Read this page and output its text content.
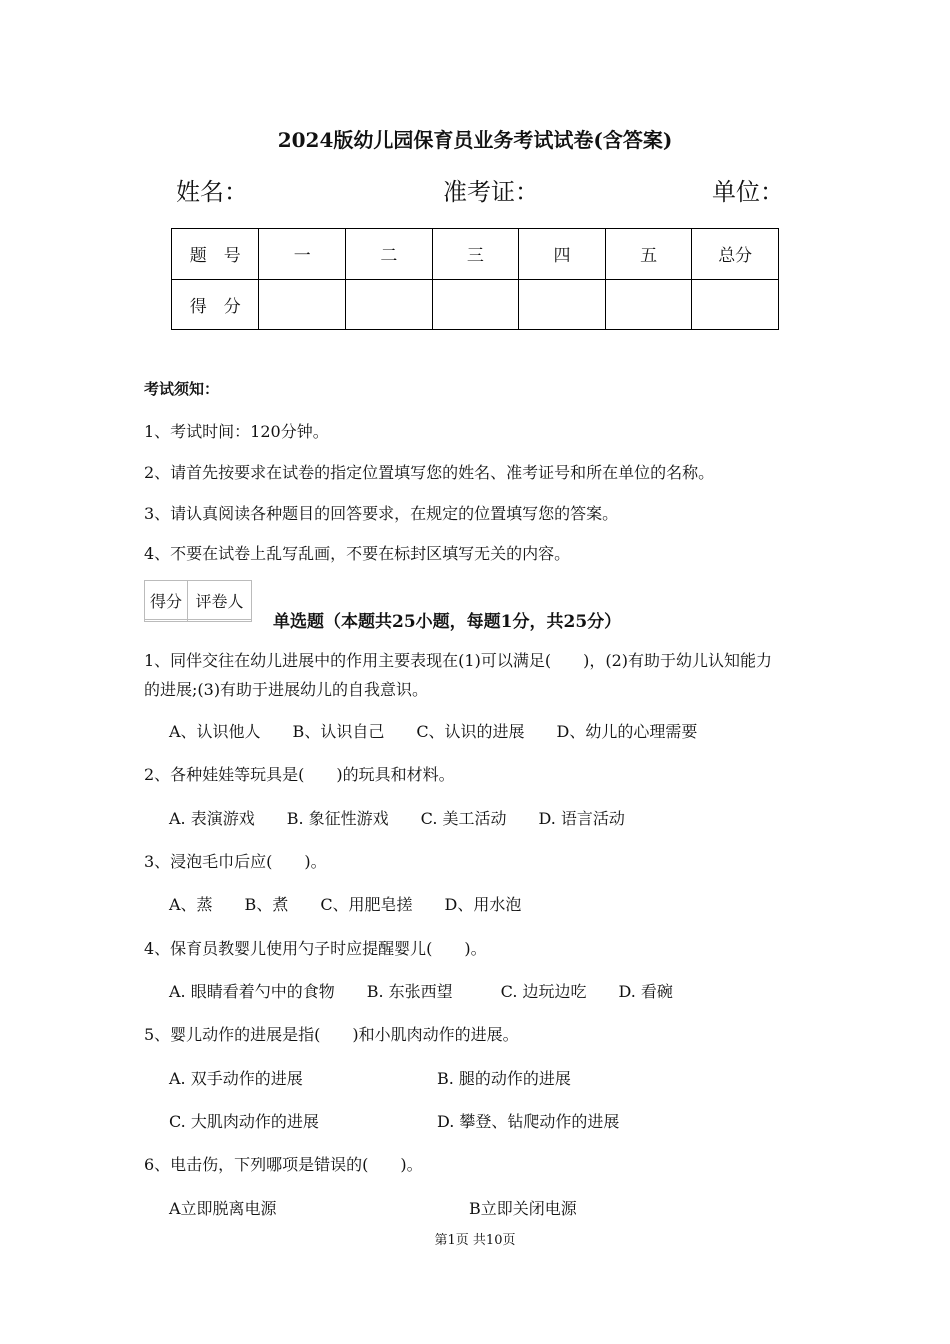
2024版幼儿园保育员业务考试试卷(含答案)
姓名：	准考证：	单位：
题　号	一	二	三	四	五	总分
得　分						
考试须知：
1、考试时间：120分钟。
2、请首先按要求在试卷的指定位置填写您的姓名、准考证号和所在单位的名称。
3、请认真阅读各种题目的回答要求，在规定的位置填写您的答案。
4、不要在试卷上乱写乱画，不要在标封区填写无关的内容。
得分	评卷人

单选题（本题共25小题，每题1分，共25分）
1、同伴交往在幼儿进展中的作用主要表现在(1)可以满足(　　)，(2)有助于幼儿认知能力
的进展;(3)有助于进展幼儿的自我意识。
A、认识他人　　B、认识自己　　C、认识的进展　　D、幼儿的心理需要
2、各种娃娃等玩具是(　　)的玩具和材料。
A. 表演游戏　　B. 象征性游戏　　C. 美工活动　　D. 语言活动
3、浸泡毛巾后应(　　)。
A、蒸　　B、煮　　C、用肥皂搓　　D、用水泡
4、保育员教婴儿使用勺子时应提醒婴儿(　　)。
A. 眼睛看着勺中的食物　　B. 东张西望　　　C. 边玩边吃　　D. 看碗
5、婴儿动作的进展是指(　　)和小肌肉动作的进展。
A. 双手动作的进展	B. 腿的动作的进展
C. 大肌肉动作的进展	D. 攀登、钻爬动作的进展
6、电击伤，下列哪项是错误的(　　)。
A立即脱离电源	B立即关闭电源
第1页 共10页
